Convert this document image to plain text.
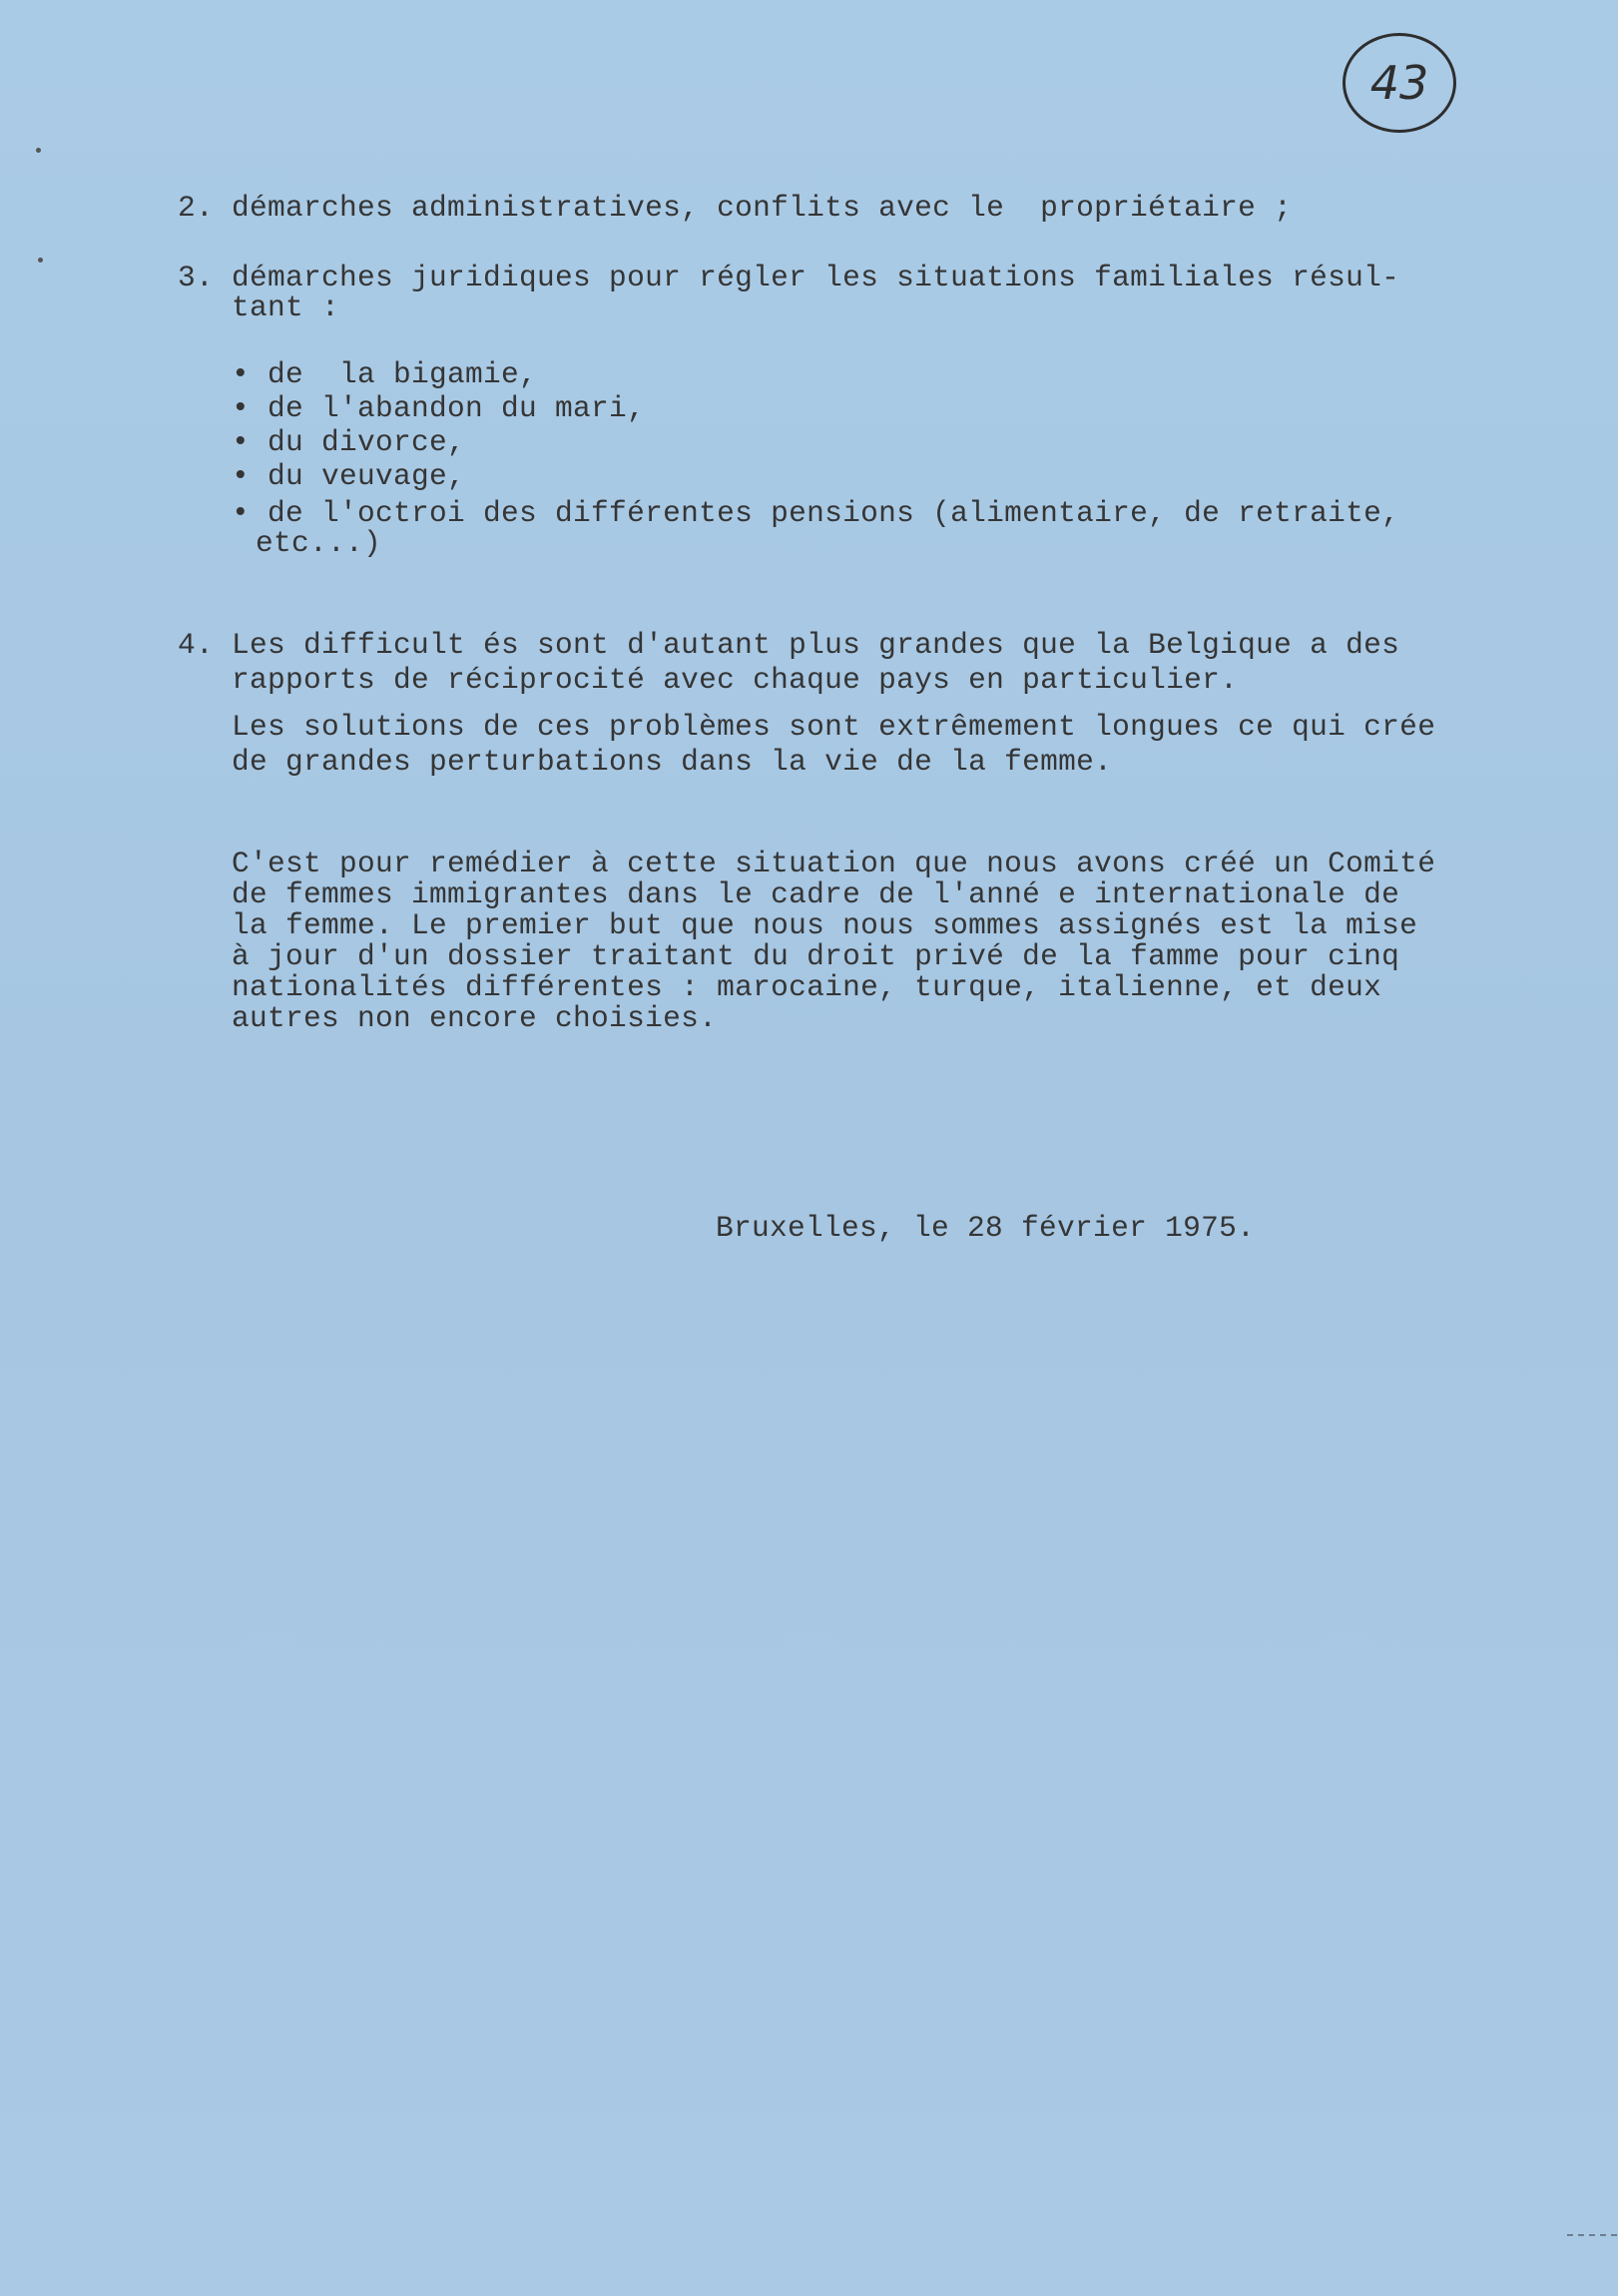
43
2. démarches administratives, conflits avec le  propriétaire ;
3. démarches juridiques pour régler les situations familiales résul-
tant :
• de  la bigamie,
• de l'abandon du mari,
• du divorce,
• du veuvage,
• de l'octroi des différentes pensions (alimentaire, de retraite,
etc...)
4. Les difficult és sont d'autant plus grandes que la Belgique a des
rapports de réciprocité avec chaque pays en particulier.
Les solutions de ces problèmes sont extrêmement longues ce qui crée
de grandes perturbations dans la vie de la femme.
C'est pour remédier à cette situation que nous avons créé un Comité
de femmes immigrantes dans le cadre de l'anné e internationale de
la femme. Le premier but que nous nous sommes assignés est la mise
à jour d'un dossier traitant du droit privé de la famme pour cinq
nationalités différentes : marocaine, turque, italienne, et deux
autres non encore choisies.
Bruxelles, le 28 février 1975.
